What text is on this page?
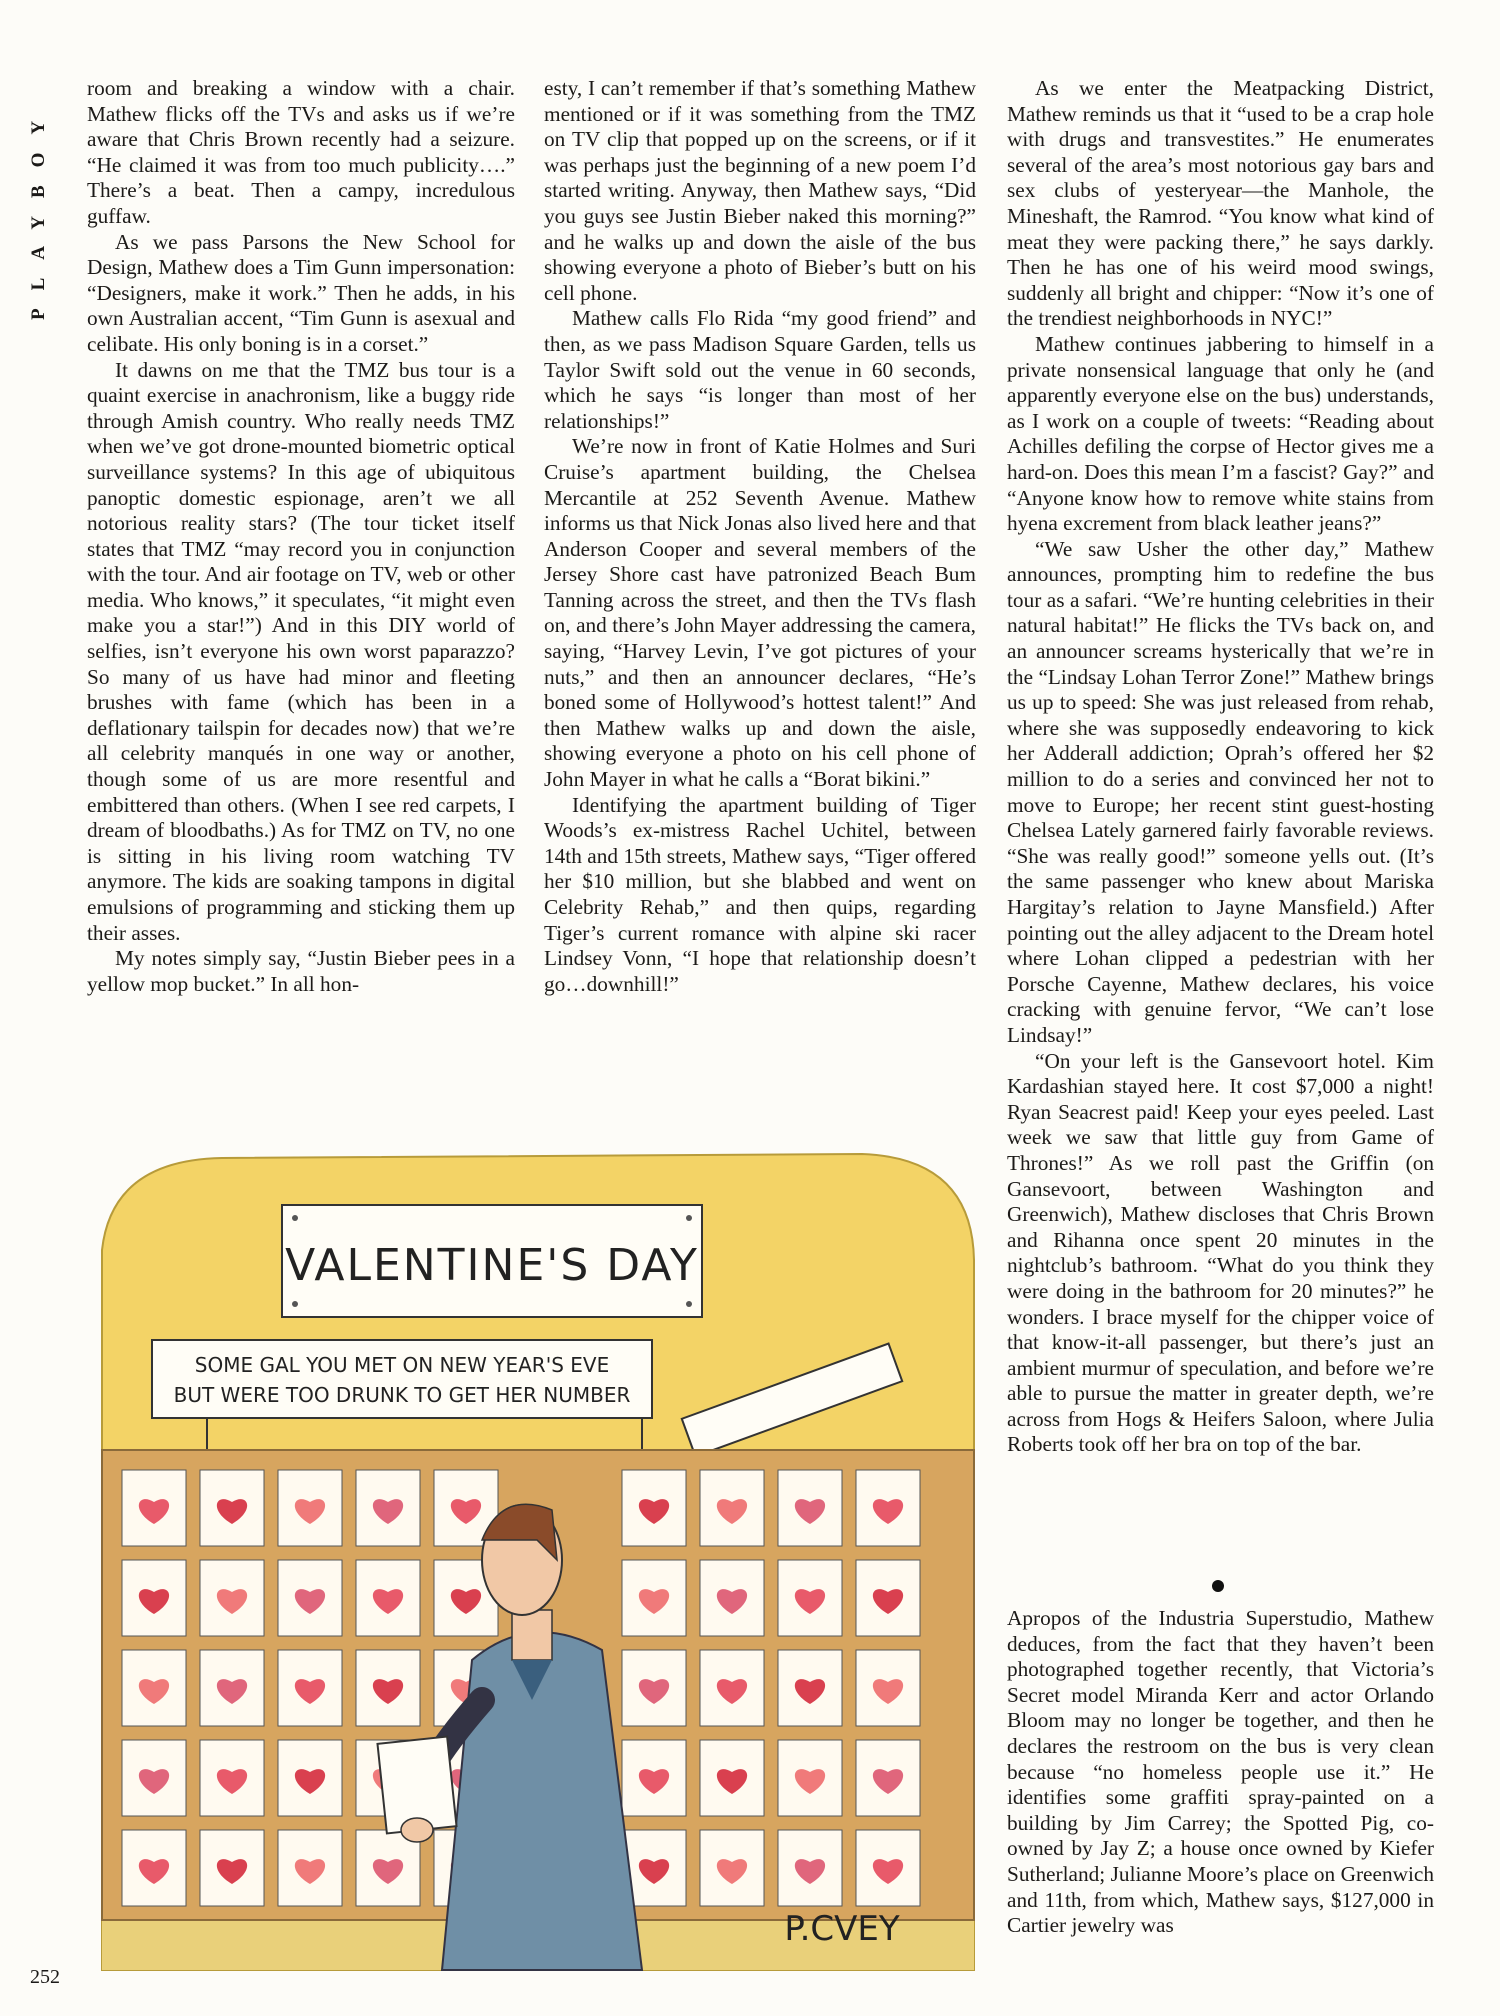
PLAYBOY

room and breaking a window with a chair. Mathew flicks off the TVs and asks us if we’re aware that Chris Brown recently had a seizure. “He claimed it was from too much publicity….” There’s a beat. Then a campy, incredulous guffaw.

As we pass Parsons the New School for Design, Mathew does a Tim Gunn impersonation: “Designers, make it work.” Then he adds, in his own Australian accent, “Tim Gunn is asexual and celibate. His only boning is in a corset.”

It dawns on me that the TMZ bus tour is a quaint exercise in anachronism, like a buggy ride through Amish country. Who really needs TMZ when we’ve got drone-mounted biometric optical surveillance systems? In this age of ubiquitous panoptic domestic espionage, aren’t we all notorious reality stars? (The tour ticket itself states that TMZ “may record you in conjunction with the tour. And air footage on TV, web or other media. Who knows,” it speculates, “it might even make you a star!”) And in this DIY world of selfies, isn’t everyone his own worst paparazzo? So many of us have had minor and fleeting brushes with fame (which has been in a deflationary tailspin for decades now) that we’re all celebrity manqués in one way or another, though some of us are more resentful and embittered than others. (When I see red carpets, I dream of bloodbaths.) As for TMZ on TV, no one is sitting in his living room watching TV anymore. The kids are soaking tampons in digital emulsions of programming and sticking them up their asses.

My notes simply say, “Justin Bieber pees in a yellow mop bucket.” In all hon-

esty, I can’t remember if that’s something Mathew mentioned or if it was something from the TMZ on TV clip that popped up on the screens, or if it was perhaps just the beginning of a new poem I’d started writing. Anyway, then Mathew says, “Did you guys see Justin Bieber naked this morning?” and he walks up and down the aisle of the bus showing everyone a photo of Bieber’s butt on his cell phone.

Mathew calls Flo Rida “my good friend” and then, as we pass Madison Square Garden, tells us Taylor Swift sold out the venue in 60 seconds, which he says “is longer than most of her relationships!”

We’re now in front of Katie Holmes and Suri Cruise’s apartment building, the Chelsea Mercantile at 252 Seventh Avenue. Mathew informs us that Nick Jonas also lived here and that Anderson Cooper and several members of the Jersey Shore cast have patronized Beach Bum Tanning across the street, and then the TVs flash on, and there’s John Mayer addressing the camera, saying, “Harvey Levin, I’ve got pictures of your nuts,” and then an announcer declares, “He’s boned some of Hollywood’s hottest talent!” And then Mathew walks up and down the aisle, showing everyone a photo on his cell phone of John Mayer in what he calls a “Borat bikini.”

Identifying the apartment building of Tiger Woods’s ex-mistress Rachel Uchitel, between 14th and 15th streets, Mathew says, “Tiger offered her $10 million, but she blabbed and went on Celebrity Rehab,” and then quips, regarding Tiger’s current romance with alpine ski racer Lindsey Vonn, “I hope that relationship doesn’t go…downhill!”

As we enter the Meatpacking District, Mathew reminds us that it “used to be a crap hole with drugs and transvestites.” He enumerates several of the area’s most notorious gay bars and sex clubs of yesteryear—the Manhole, the Mineshaft, the Ramrod. “You know what kind of meat they were packing there,” he says darkly. Then he has one of his weird mood swings, suddenly all bright and chipper: “Now it’s one of the trendiest neighborhoods in NYC!”

Mathew continues jabbering to himself in a private nonsensical language that only he (and apparently everyone else on the bus) understands, as I work on a couple of tweets: “Reading about Achilles defiling the corpse of Hector gives me a hard-on. Does this mean I’m a fascist? Gay?” and “Anyone know how to remove white stains from hyena excrement from black leather jeans?”

“We saw Usher the other day,” Mathew announces, prompting him to redefine the bus tour as a safari. “We’re hunting celebrities in their natural habitat!” He flicks the TVs back on, and an announcer screams hysterically that we’re in the “Lindsay Lohan Terror Zone!” Mathew brings us up to speed: She was just released from rehab, where she was supposedly endeavoring to kick her Adderall addiction; Oprah’s offered her $2 million to do a series and convinced her not to move to Europe; her recent stint guest-hosting Chelsea Lately garnered fairly favorable reviews. “She was really good!” someone yells out. (It’s the same passenger who knew about Mariska Hargitay’s relation to Jayne Mansfield.) After pointing out the alley adjacent to the Dream hotel where Lohan clipped a pedestrian with her Porsche Cayenne, Mathew declares, his voice cracking with genuine fervor, “We can’t lose Lindsay!”

“On your left is the Gansevoort hotel. Kim Kardashian stayed here. It cost $7,000 a night! Ryan Seacrest paid! Keep your eyes peeled. Last week we saw that little guy from Game of Thrones!” As we roll past the Griffin (on Gansevoort, between Washington and Greenwich), Mathew discloses that Chris Brown and Rihanna once spent 20 minutes in the nightclub’s bathroom. “What do you think they were doing in the bathroom for 20 minutes?” he wonders. I brace myself for the chipper voice of that know-it-all passenger, but there’s just an ambient murmur of speculation, and before we’re able to pursue the matter in greater depth, we’re across from Hogs & Heifers Saloon, where Julia Roberts took off her bra on top of the bar.

Apropos of the Industria Superstudio, Mathew deduces, from the fact that they haven’t been photographed together recently, that Victoria’s Secret model Miranda Kerr and actor Orlando Bloom may no longer be together, and then he declares the restroom on the bus is very clean because “no homeless people use it.” He identifies some graffiti spray-painted on a building by Jim Carrey; the Spotted Pig, co-owned by Jay Z; a house once owned by Kiefer Sutherland; Julianne Moore’s place on Greenwich and 11th, from which, Mathew says, $127,000 in Cartier jewelry was

VALENTINE'S DAY
SOME GAL YOU MET ON NEW YEAR'S EVE
BUT WERE TOO DRUNK TO GET HER NUMBER
P.CVEY
252
